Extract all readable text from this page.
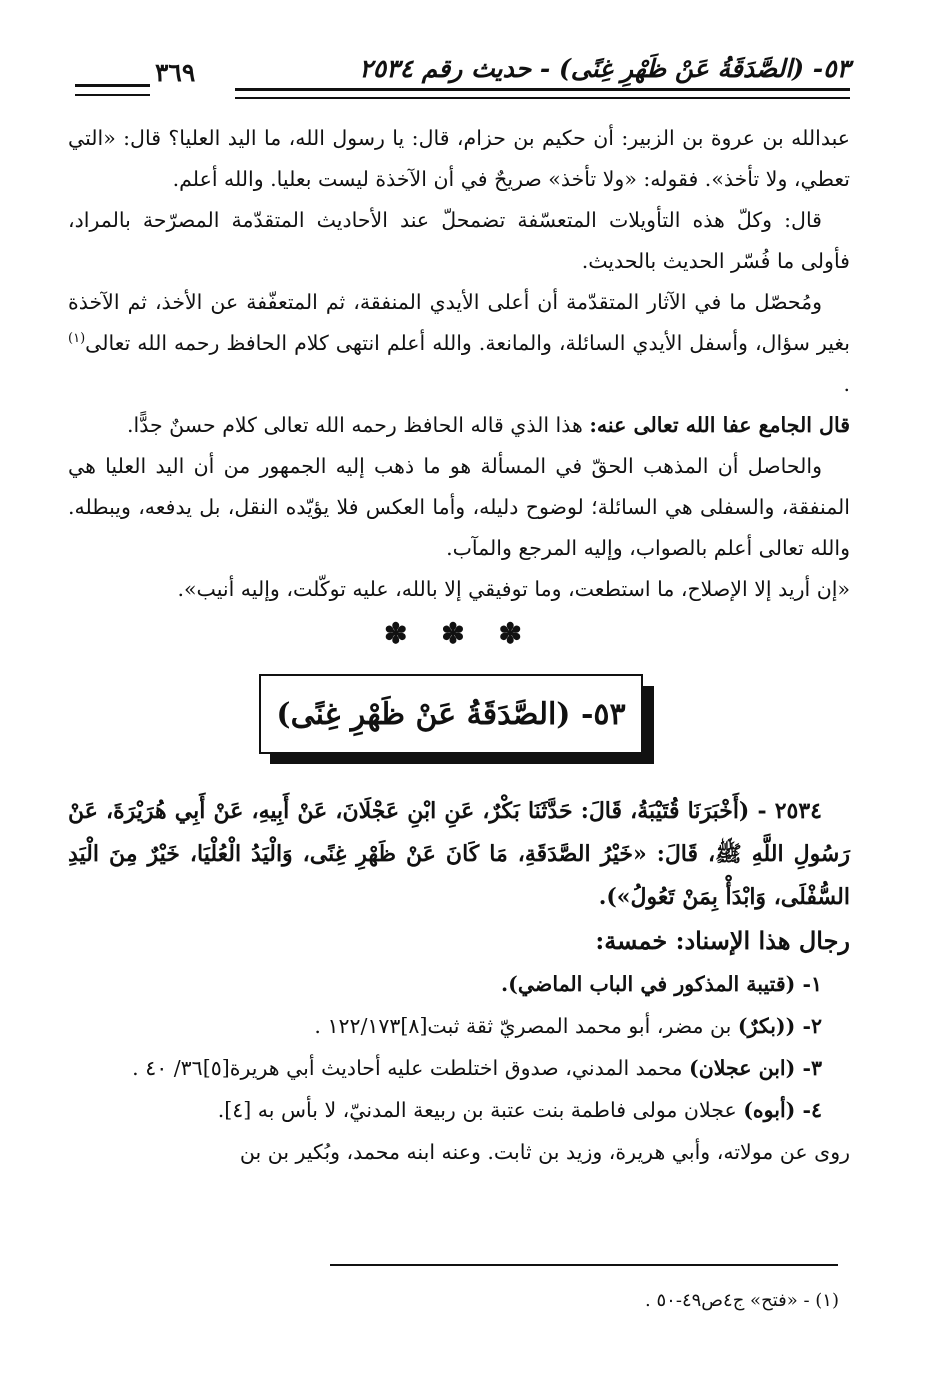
٥٣- (الصَّدَقَةُ عَنْ ظَهْرِ غِنًى) - حديث رقم ٢٥٣٤
٣٦٩

عبدالله بن عروة بن الزبير: أن حكيم بن حزام، قال: يا رسول الله، ما اليد العليا؟ قال: «التي تعطي، ولا تأخذ». فقوله: «ولا تأخذ» صريحٌ في أن الآخذة ليست بعليا. والله أعلم.

قال: وكلّ هذه التأويلات المتعسّفة تضمحلّ عند الأحاديث المتقدّمة المصرّحة بالمراد، فأولى ما فُسّر الحديث بالحديث.

ومُحصّل ما في الآثار المتقدّمة أن أعلى الأيدي المنفقة، ثم المتعفّفة عن الأخذ، ثم الآخذة بغير سؤال، وأسفل الأيدي السائلة، والمانعة. والله أعلم انتهى كلام الحافظ رحمه الله تعالى$^{(١)}$ .

قال الجامع عفا الله تعالى عنه: هذا الذي قاله الحافظ رحمه الله تعالى كلام حسنٌ جدًّا.

والحاصل أن المذهب الحقّ في المسألة هو ما ذهب إليه الجمهور من أن اليد العليا هي المنفقة، والسفلى هي السائلة؛ لوضوح دليله، وأما العكس فلا يؤيّده النقل، بل يدفعه، ويبطله. والله تعالى أعلم بالصواب، وإليه المرجع والمآب.

«إن أريد إلا الإصلاح، ما استطعت، وما توفيقي إلا بالله، عليه توكّلت، وإليه أنيب».

✽ ✽ ✽
٥٣- (الصَّدَقَةُ عَنْ ظَهْرِ غِنًى)

٢٥٣٤ - (أَخْبَرَنَا قُتَيْبَةُ، قَالَ: حَدَّثَنَا بَكْرٌ، عَنِ ابْنِ عَجْلَانَ، عَنْ أَبِيهِ، عَنْ أَبِي هُرَيْرَةَ، عَنْ رَسُولِ اللَّهِ ﷺ، قَالَ: «خَيْرُ الصَّدَقَةِ، مَا كَانَ عَنْ ظَهْرِ غِنًى، وَالْيَدُ الْعُلْيَا، خَيْرٌ مِنَ الْيَدِ السُّفْلَى، وَابْدَأْ بِمَنْ تَعُولُ»).

رجال هذا الإسناد: خمسة:

١- (قتيبة المذكور في الباب الماضي).

٢- ((بكرٌ) بن مضر، أبو محمد المصريّ ثقة ثبت[٨]١٢٢/١٧٣ .

٣- (ابن عجلان) محمد المدني، صدوق اختلطت عليه أحاديث أبي هريرة[٥]٣٦/ ٤٠ .

٤- (أبوه) عجلان مولى فاطمة بنت عتبة بن ربيعة المدنيّ، لا بأس به [٤].

روى عن مولاته، وأبي هريرة، وزيد بن ثابت. وعنه ابنه محمد، وبُكير بن بن

(١) - «فتح» ج٤ص٤٩-٥٠ .
